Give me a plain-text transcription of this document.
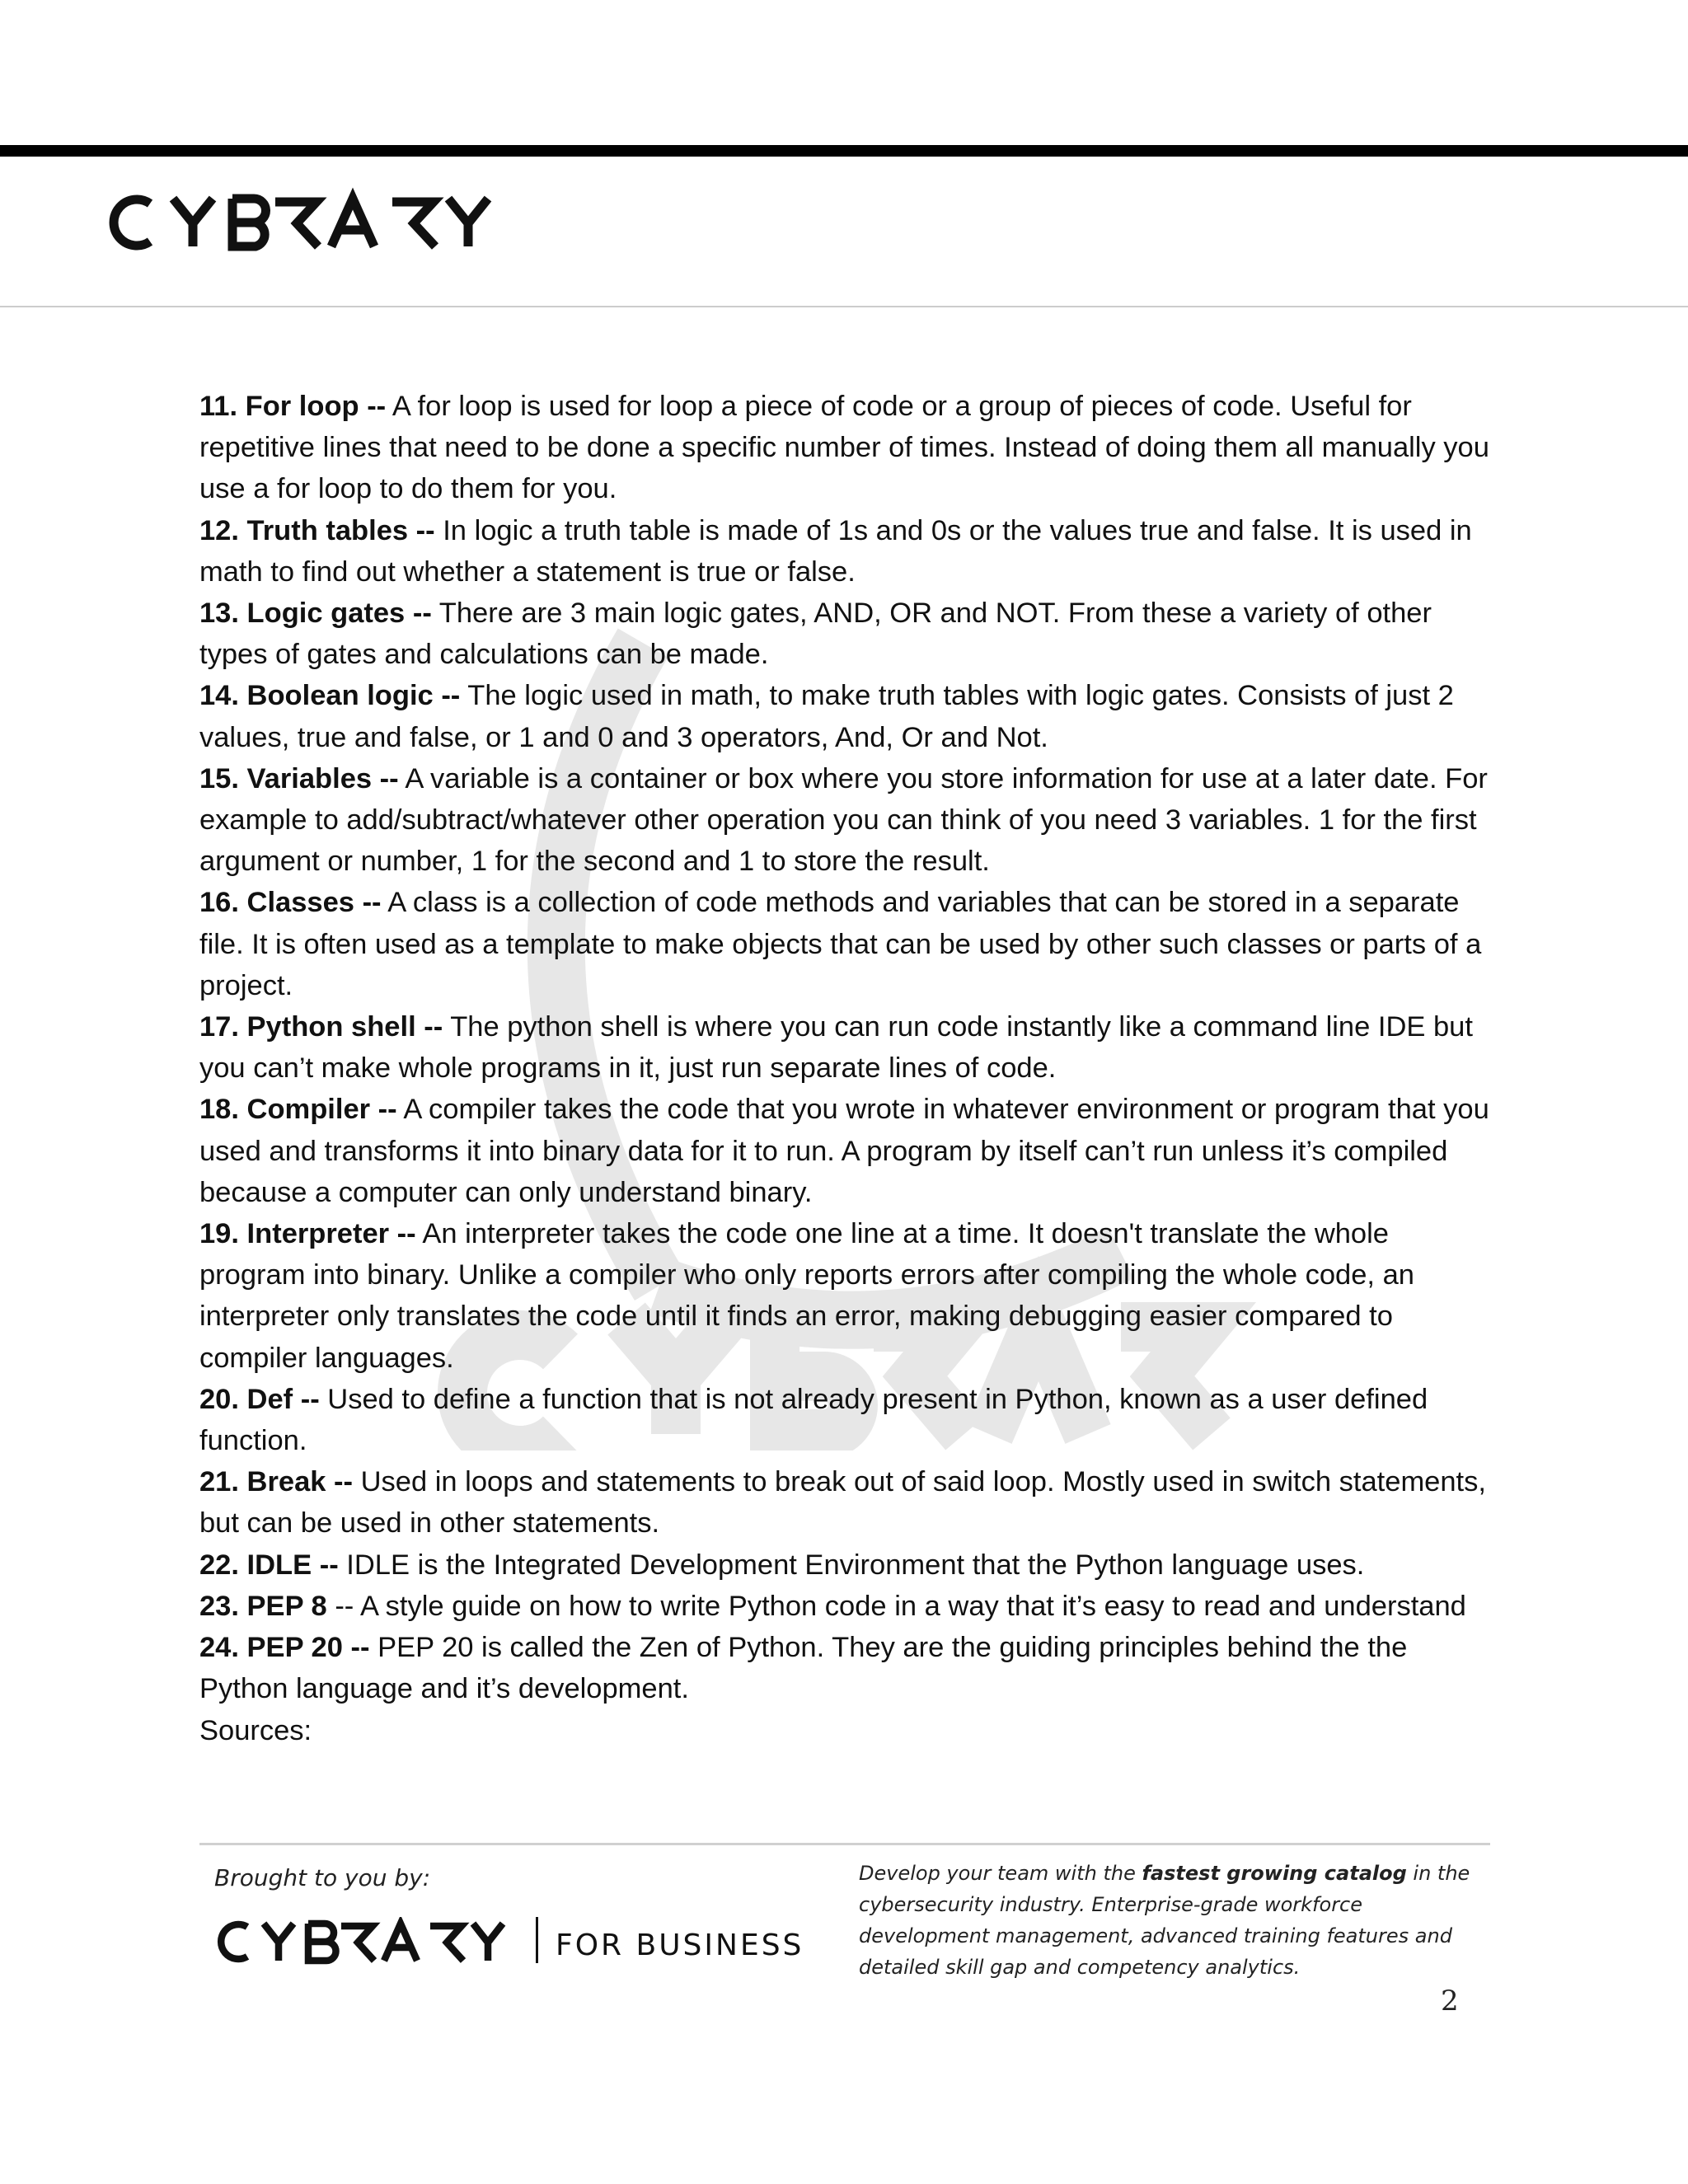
11. For loop -- A for loop is used for loop a piece of code or a group of pieces of code. Useful for repetitive lines that need to be done a specific number of times. Instead of doing them all manually you use a for loop to do them for you.

12. Truth tables -- In logic a truth table is made of 1s and 0s or the values true and false. It is used in math to find out whether a statement is true or false.

13. Logic gates -- There are 3 main logic gates, AND, OR and NOT. From these a variety of other types of gates and calculations can be made.

14. Boolean logic -- The logic used in math, to make truth tables with logic gates. Consists of just 2 values, true and false, or 1 and 0 and 3 operators, And, Or and Not.

15. Variables -- A variable is a container or box where you store information for use at a later date. For example to add/subtract/whatever other operation you can think of you need 3 variables. 1 for the first argument or number, 1 for the second and 1 to store the result.

16. Classes -- A class is a collection of code methods and variables that can be stored in a separate file. It is often used as a template to make objects that can be used by other such classes or parts of a project.

17. Python shell -- The python shell is where you can run code instantly like a command line IDE but you can’t make whole programs in it, just run separate lines of code.

18. Compiler -- A compiler takes the code that you wrote in whatever environment or program that you used and transforms it into binary data for it to run. A program by itself can’t run unless it’s compiled because a computer can only understand binary.

19. Interpreter -- An interpreter takes the code one line at a time. It doesn't translate the whole program into binary. Unlike a compiler who only reports errors after compiling the whole code, an interpreter only translates the code until it finds an error, making debugging easier compared to compiler languages.

20. Def -- Used to define a function that is not already present in Python, known as a user defined function.

21. Break -- Used in loops and statements to break out of said loop. Mostly used in switch statements, but can be used in other statements.

22. IDLE -- IDLE is the Integrated Development Environment that the Python language uses.

23. PEP 8 -- A style guide on how to write Python code in a way that it’s easy to read and understand

24. PEP 20 -- PEP 20 is called the Zen of Python. They are the guiding principles behind the the Python language and it’s development.

Sources:

Brought to you by:
FOR BUSINESS
Develop your team with the fastest growing catalog in the cybersecurity industry. Enterprise-grade workforce development management, advanced training features and detailed skill gap and competency analytics.
2
